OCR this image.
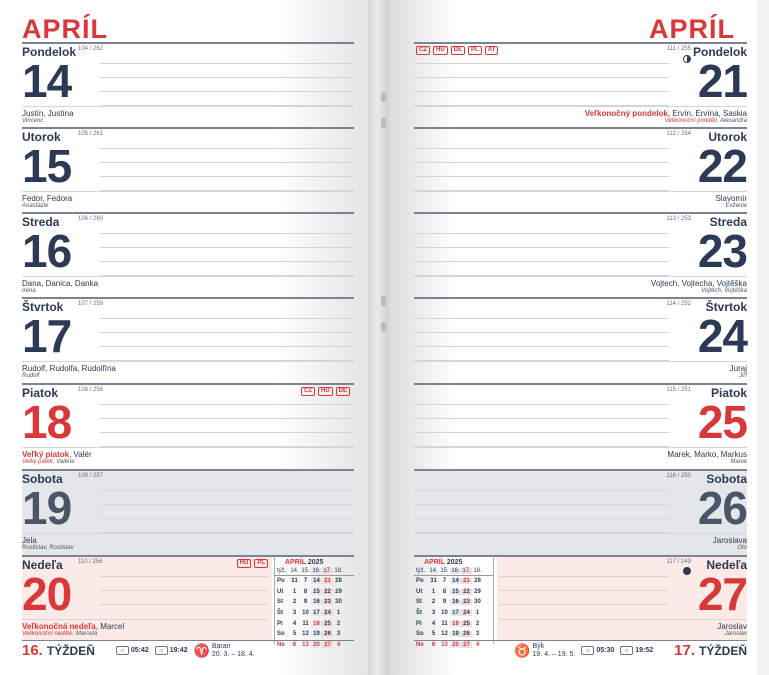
APRÍL
Pondelok
14
104 / 262
Justín, Justína
Vincenc
Utorok
15
105 / 261
Fedor, Fedora
Anastázie
Streda
16
106 / 260
Dana, Danica, Danka
Irena
Štvrtok
17
107 / 259
Rudolf, Rudolfa, Rudolfína
Rudolf
Piatok
18
108 / 258
Veľký piatok, Valér
Velký pátek, Valérie
CZ	HU	DE
Sobota
19
109 / 257
Jela
Rostislav, Rostislav
Nedeľa
20
110 / 256
Veľkonočná nedeľa, Marcel
Velikonoční neděle, Marcela
HU	PL	APRÍL 2025
týž. 14. 15. 16. 17. 18.
Po	31 7 14 21 28
Ut	1	8 15 22 29
St	2	9 16 23 30
Št	3 10 17 24 1
Pi	4	11 18 25 2
So	5 12 19 26 3
Ne	6 13 20 27 4
16. TÝŽDEŇ	☼ 05:42	☼ 19:42 ♈ Baran
20. 3. – 18. 4.
APRÍL
Pondelok
21
111 / 255
Veľkonočný pondelok, Ervín, Ervína, Saskia
Velikonoční pondělí, Alexandra
CZ	HU	DE	PL	AT
Utorok
22
112 / 254
Slavomír
Evženie
Streda
23
113 / 253
Vojtech, Vojtecha, Vojtěška
Vojtěch, Vojtěška
Štvrtok
24
114 / 252
Juraj
Jiří
Piatok
25
115 / 251
Marek, Marko, Markus
Marek
Sobota
26
116 / 250
Jaroslava
Oto
Nedeľa
27
117 / 249
Jaroslav
Jaroslav
APRÍL 2025
týž. 14. 15. 16. 17. 18.
Po	31 7 14 21 28
Ut	1	8 15 22 29
St	2	9 16 23 30
Št	3 10 17 24 1
Pi	4	11 18 25 2
So	5 12 19 26 3
Ne	6 13 20 27 4	♉ Býk
19. 4. – 19. 5.	☼ 05:30	☼ 19:52 17. TÝŽDEŇ
